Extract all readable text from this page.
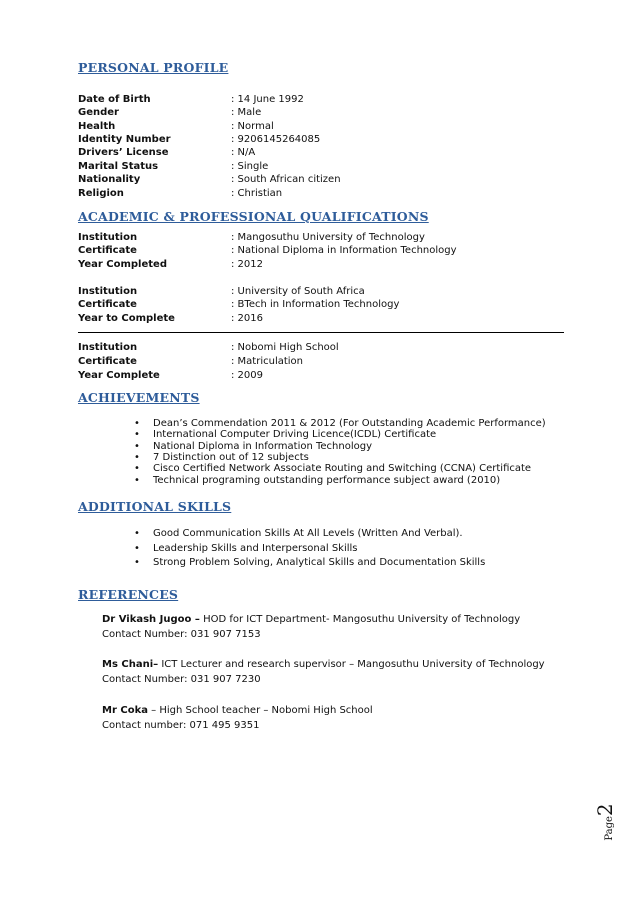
PERSONAL PROFILE
Date of Birth	: 14 June 1992
Gender	: Male
Health	: Normal
Identity Number	: 9206145264085
Drivers’ License	: N/A
Marital Status	: Single
Nationality	: South African citizen
Religion	: Christian
ACADEMIC & PROFESSIONAL QUALIFICATIONS
Institution	: Mangosuthu University of Technology
Certificate	: National Diploma in Information Technology
Year Completed	: 2012
Institution	: University of South Africa
Certificate	: BTech in Information Technology
Year to Complete	: 2016
Institution	: Nobomi High School
Certificate	: Matriculation
Year Complete	: 2009
ACHIEVEMENTS
• Dean’s Commendation 2011 & 2012 (For Outstanding Academic Performance)
• International Computer Driving Licence(ICDL) Certificate
• National Diploma in Information Technology
• 7 Distinction out of 12 subjects
• Cisco Certified Network Associate Routing and Switching (CCNA) Certificate
• Technical programing outstanding performance subject award (2010)
ADDITIONAL SKILLS
• Good Communication Skills At All Levels (Written And Verbal).
• Leadership Skills and Interpersonal Skills
• Strong Problem Solving, Analytical Skills and Documentation Skills
REFERENCES
Dr Vikash Jugoo – HOD for ICT Department- Mangosuthu University of Technology
Contact Number: 031 907 7153
Ms Chani– ICT Lecturer and research supervisor – Mangosuthu University of Technology
Contact Number: 031 907 7230
Mr Coka – High School teacher – Nobomi High School
Contact number: 071 495 9351
Page2
